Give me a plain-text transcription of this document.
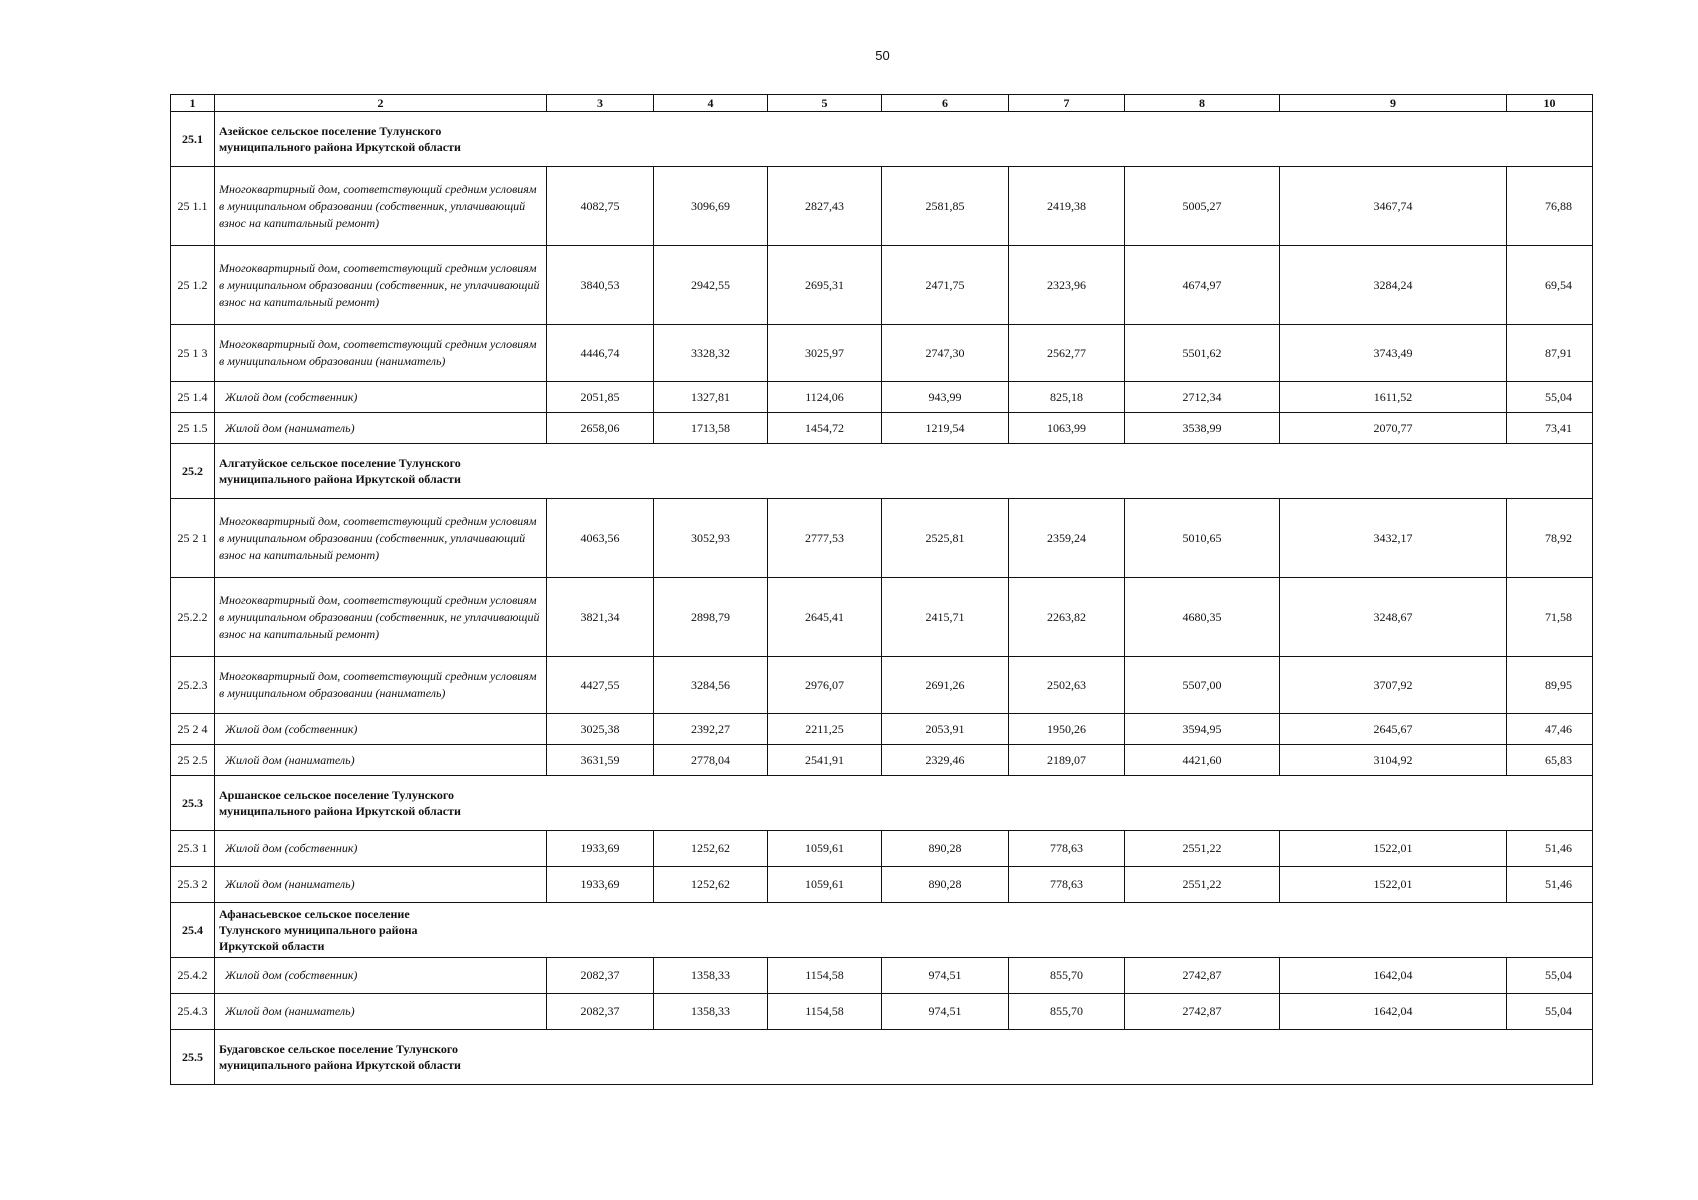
50
1	2	3	4	5	6	7	8	9	10
25.1	Азейское сельское поселение Тулунского муниципального района Иркутской области								

25 1.1	Многоквартирный дом, соответствующий средним условиям в муниципальном образовании (собственник, уплачивающий взнос на капитальный ремонт)	4082,75	3096,69	2827,43	2581,85	2419,38	5005,27	3467,74	76,88
25 1.2	Многоквартирный дом, соответствующий средним условиям в муниципальном образовании (собственник, не уплачивающий взнос на капитальный ремонт)	3840,53	2942,55	2695,31	2471,75	2323,96	4674,97	3284,24	69,54
25 1 3	Многоквартирный дом, соответствующий средним условиям в муниципальном образовании (наниматель)	4446,74	3328,32	3025,97	2747,30	2562,77	5501,62	3743,49	87,91
25 1.4	Жилой дом (собственник)	2051,85	1327,81	1124,06	943,99	825,18	2712,34	1611,52	55,04
25 1.5	Жилой дом (наниматель)	2658,06	1713,58	1454,72	1219,54	1063,99	3538,99	2070,77	73,41
25.2	Алгатуйское сельское поселение Тулунского муниципального района Иркутской области								

25 2 1	Многоквартирный дом, соответствующий средним условиям в муниципальном образовании (собственник, уплачивающий взнос на капитальный ремонт)	4063,56	3052,93	2777,53	2525,81	2359,24	5010,65	3432,17	78,92
25.2.2	Многоквартирный дом, соответствующий средним условиям в муниципальном образовании (собственник, не уплачивающий взнос на капитальный ремонт)	3821,34	2898,79	2645,41	2415,71	2263,82	4680,35	3248,67	71,58
25.2.3	Многоквартирный дом, соответствующий средним условиям в муниципальном образовании (наниматель)	4427,55	3284,56	2976,07	2691,26	2502,63	5507,00	3707,92	89,95
25 2 4	Жилой дом (собственник)	3025,38	2392,27	2211,25	2053,91	1950,26	3594,95	2645,67	47,46
25 2.5	Жилой дом (наниматель)	3631,59	2778,04	2541,91	2329,46	2189,07	4421,60	3104,92	65,83
25.3	Аршанское сельское поселение Тулунского муниципального района Иркутской области								

25.3 1	Жилой дом (собственник)	1933,69	1252,62	1059,61	890,28	778,63	2551,22	1522,01	51,46
25.3 2	Жилой дом (наниматель)	1933,69	1252,62	1059,61	890,28	778,63	2551,22	1522,01	51,46
25.4	Афанасьевское сельское поселение Тулунского муниципального района Иркутской области								

25.4.2	Жилой дом (собственник)	2082,37	1358,33	1154,58	974,51	855,70	2742,87	1642,04	55,04
25.4.3	Жилой дом (наниматель)	2082,37	1358,33	1154,58	974,51	855,70	2742,87	1642,04	55,04
25.5	Будаговское сельское поселение Тулунского муниципального района Иркутской области								
